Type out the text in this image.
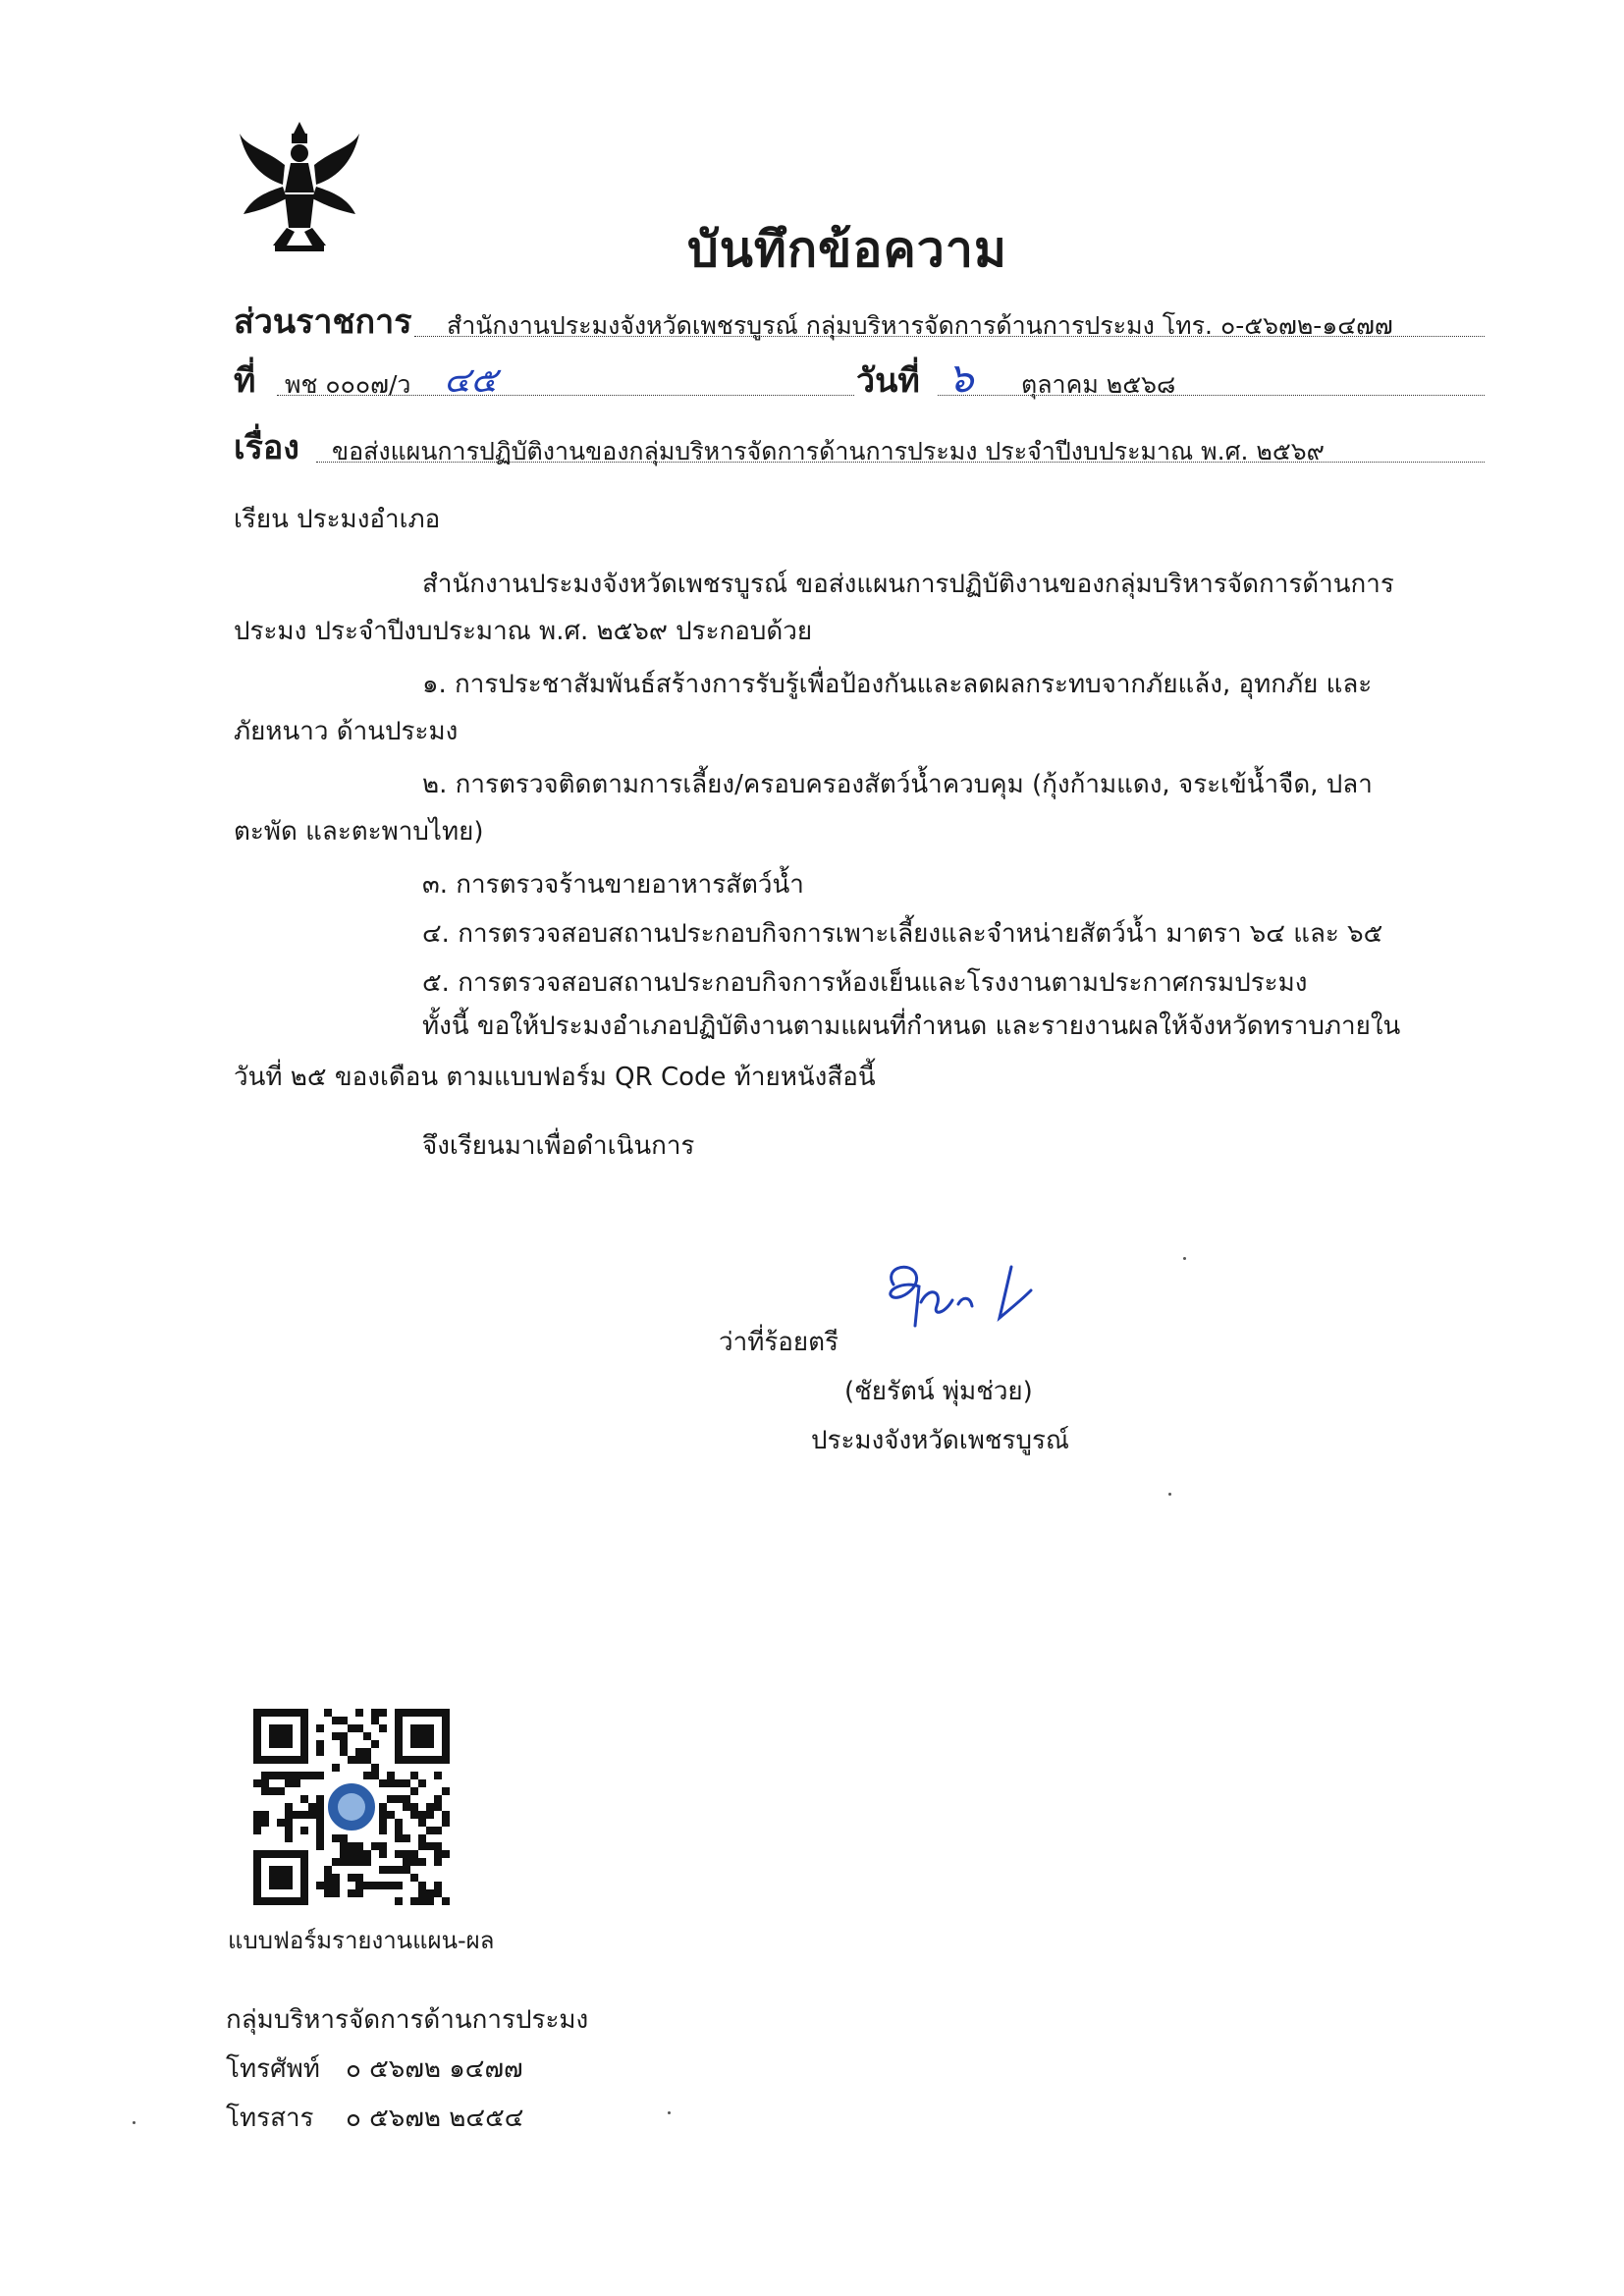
บันทึกข้อความ
ส่วนราชการ สำนักงานประมงจังหวัดเพชรบูรณ์ กลุ่มบริหารจัดการด้านการประมง โทร. ๐-๕๖๗๒-๑๔๗๗
ที่ พช ๐๐๐๗/ว ๔๕	วันที่ ๖ ตุลาคม ๒๕๖๘
เรื่อง ขอส่งแผนการปฏิบัติงานของกลุ่มบริหารจัดการด้านการประมง ประจำปีงบประมาณ พ.ศ. ๒๕๖๙
เรียน ประมงอำเภอ
สำนักงานประมงจังหวัดเพชรบูรณ์ ขอส่งแผนการปฏิบัติงานของกลุ่มบริหารจัดการด้านการ
ประมง ประจำปีงบประมาณ พ.ศ. ๒๕๖๙ ประกอบด้วย
๑. การประชาสัมพันธ์สร้างการรับรู้เพื่อป้องกันและลดผลกระทบจากภัยแล้ง, อุทกภัย และ
ภัยหนาว ด้านประมง
๒. การตรวจติดตามการเลี้ยง/ครอบครองสัตว์น้ำควบคุม (กุ้งก้ามแดง, จระเข้น้ำจืด, ปลา
ตะพัด และตะพาบไทย)
๓. การตรวจร้านขายอาหารสัตว์น้ำ
๔. การตรวจสอบสถานประกอบกิจการเพาะเลี้ยงและจำหน่ายสัตว์น้ำ มาตรา ๖๔ และ ๖๕
๕. การตรวจสอบสถานประกอบกิจการห้องเย็นและโรงงานตามประกาศกรมประมง
ทั้งนี้ ขอให้ประมงอำเภอปฏิบัติงานตามแผนที่กำหนด และรายงานผลให้จังหวัดทราบภายใน
วันที่ ๒๕ ของเดือน ตามแบบฟอร์ม QR Code ท้ายหนังสือนี้
จึงเรียนมาเพื่อดำเนินการ
ว่าที่ร้อยตรี
(ชัยรัตน์ พุ่มช่วย)
ประมงจังหวัดเพชรบูรณ์
แบบฟอร์มรายงานแผน-ผล
กลุ่มบริหารจัดการด้านการประมง
โทรศัพท์ ๐ ๕๖๗๒ ๑๔๗๗
โทรสาร ๐ ๕๖๗๒ ๒๔๕๔
